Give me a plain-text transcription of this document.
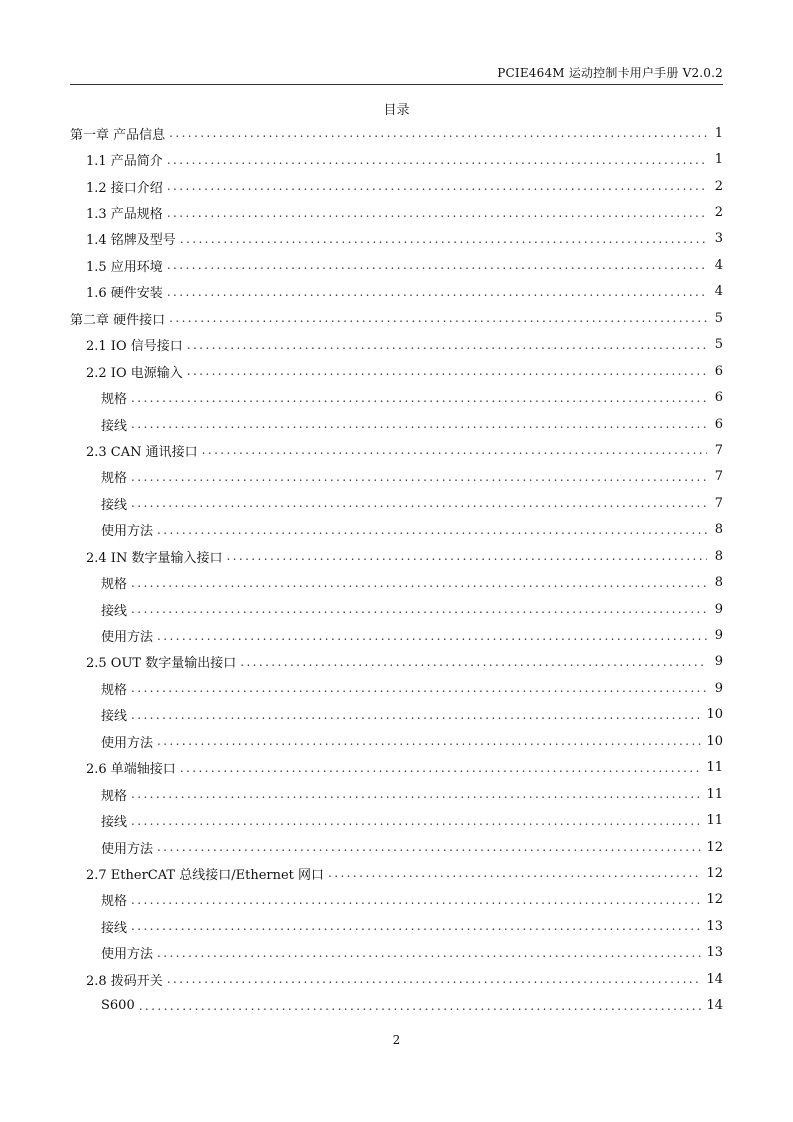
PCIE464M 运动控制卡用户手册 V2.0.2
目录
第一章 产品信息 .....	1
1.1 产品简介 .....	1
1.2 接口介绍 .....	2
1.3 产品规格 .....	2
1.4 铭牌及型号 .....	3
1.5 应用环境 .....	4
1.6 硬件安装 .....	4
第二章 硬件接口 .....	5
2.1 IO 信号接口 .....	5
2.2 IO 电源输入 .....	6
规格 .....	6
接线 .....	6
2.3 CAN 通讯接口 .....	7
规格 .....	7
接线 .....	7
使用方法 .....	8
2.4 IN 数字量输入接口 .....	8
规格 .....	8
接线 .....	9
使用方法 .....	9
2.5 OUT 数字量输出接口 .....	9
规格 .....	9
接线 .....	10
使用方法 .....	10
2.6 单端轴接口 .....	11
规格 .....	11
接线 .....	11
使用方法 .....	12
2.7 EtherCAT 总线接口/Ethernet 网口 .....	12
规格 .....	12
接线 .....	13
使用方法 .....	13
2.8 拨码开关 .....	14
S600 .....	14
2
